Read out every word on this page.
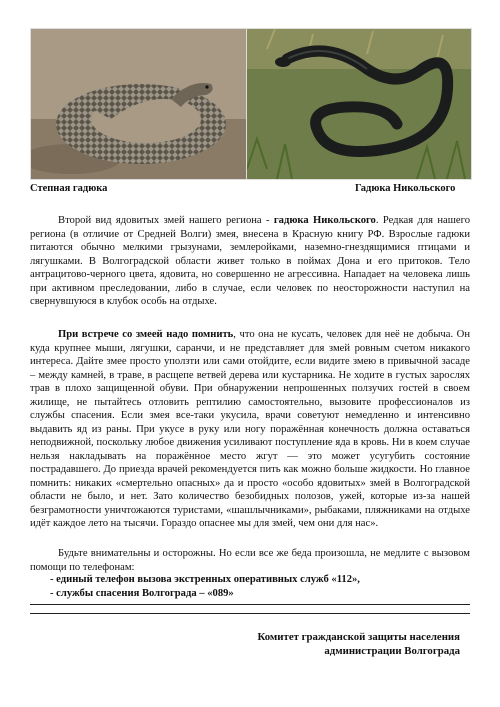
Степная гадюка	Гадюка Никольского

Второй вид ядовитых змей нашего региона - гадюка Никольского. Редкая для нашего региона (в отличие от Средней Волги) змея, внесена в Красную книгу РФ. Взрослые гадюки питаются обычно мелкими грызунами, землеройками, наземно-гнездящимися птицами и лягушками. В Волгоградской области живет только в поймах Дона и его притоков. Тело антрацитово-черного цвета, ядовита, но совершенно не агрессивна. Нападает на человека лишь при активном преследовании, либо в случае, если человек по неосторожности наступил на свернувшуюся в клубок особь на отдыхе.

При встрече со змеей надо помнить, что она не кусать, человек для неё не добыча. Он куда крупнее мыши, лягушки, саранчи, и не представляет для змей ровным счетом никакого интереса. Дайте змее просто уползти или сами отойдите, если видите змею в привычной засаде – между камней, в траве, в расщепе ветвей дерева или кустарника. Не ходите в густых зарослях трав в плохо защищенной обуви. При обнаружении непрошенных ползучих гостей в своем жилище, не пытайтесь отловить рептилию самостоятельно, вызовите профессионалов из службы спасения. Если змея все-таки укусила, врачи советуют немедленно и интенсивно выдавить яд из раны. При укусе в руку или ногу поражённая конечность должна оставаться неподвижной, поскольку любое движения усиливают поступление яда в кровь. Ни в коем случае нельзя накладывать на поражённое место жгут — это может усугубить состояние пострадавшего. До приезда врачей рекомендуется пить как можно больше жидкости. Но главное помнить: никаких «смертельно опасных» да и просто «особо ядовитых» змей в Волгоградской области не было, и нет. Зато количество безобидных полозов, ужей, которые из-за нашей безграмотности уничтожаются туристами, «шашлычниками», рыбаками, пляжниками на отдыхе идёт каждое лето на тысячи. Гораздо опаснее мы для змей, чем они для нас».

Будьте внимательны и осторожны. Но если все же беда произошла, не медлите с вызовом помощи по телефонам:

- единый телефон вызова экстренных оперативных служб «112»,
- службы спасения Волгограда – «089»
Комитет гражданской защиты населения
администрации Волгограда
